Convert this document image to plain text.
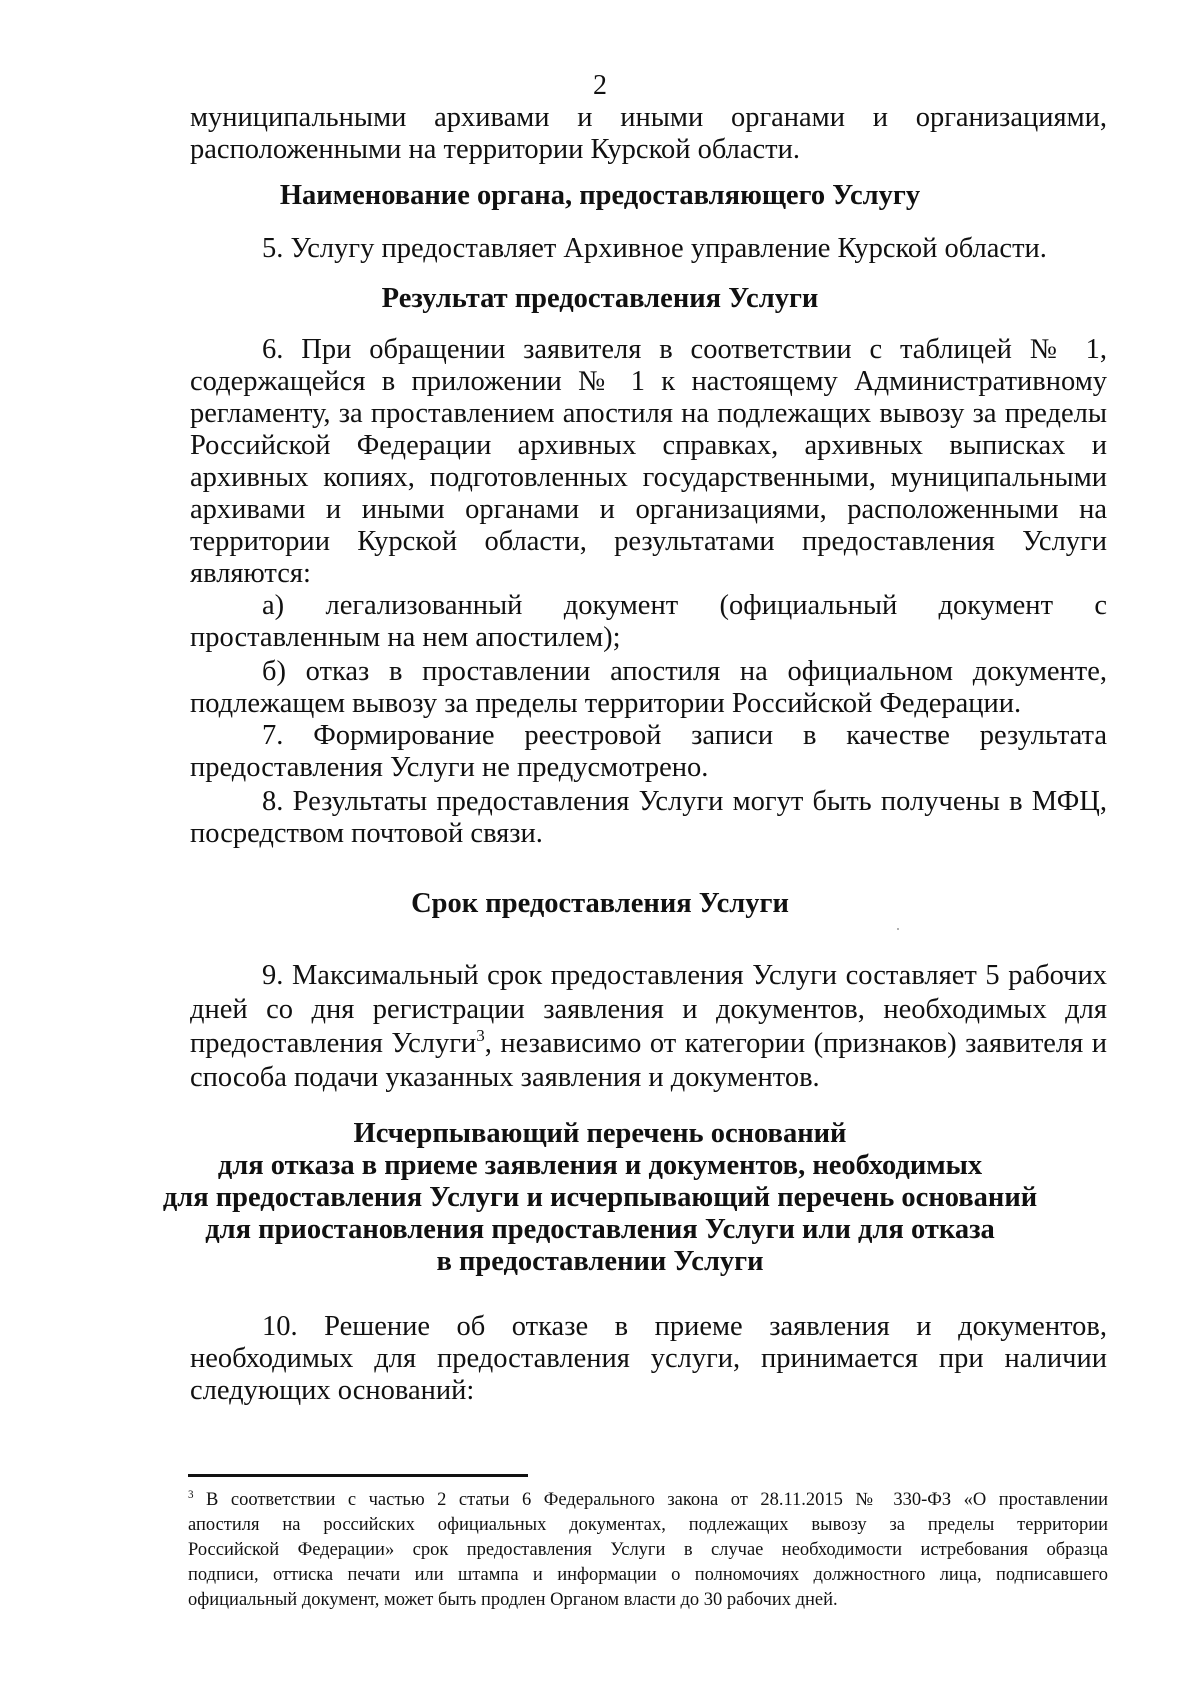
2
муниципальными архивами и иными органами и организациями,
расположенными на территории Курской области.
Наименование органа, предоставляющего Услугу
5. Услугу предоставляет Архивное управление Курской области.
Результат предоставления Услуги
6. При обращении заявителя в соответствии с таблицей № 1,
содержащейся в приложении № 1 к настоящему Административному
регламенту, за проставлением апостиля на подлежащих вывозу за пределы
Российской Федерации архивных справках, архивных выписках и
архивных копиях, подготовленных государственными, муниципальными
архивами и иными органами и организациями, расположенными на
территории Курской области, результатами предоставления Услуги
являются:
а) легализованный документ (официальный документ с
проставленным на нем апостилем);
б) отказ в проставлении апостиля на официальном документе,
подлежащем вывозу за пределы территории Российской Федерации.
7. Формирование реестровой записи в качестве результата
предоставления Услуги не предусмотрено.
8. Результаты предоставления Услуги могут быть получены в МФЦ,
посредством почтовой связи.
Срок предоставления Услуги
9. Максимальный срок предоставления Услуги составляет 5 рабочих
дней со дня регистрации заявления и документов, необходимых для
предоставления Услуги$^3$, независимо от категории (признаков) заявителя и
способа подачи указанных заявления и документов.
Исчерпывающий перечень оснований
для отказа в приеме заявления и документов, необходимых
для предоставления Услуги и исчерпывающий перечень оснований
для приостановления предоставления Услуги или для отказа
в предоставлении Услуги
10. Решение об отказе в приеме заявления и документов,
необходимых для предоставления услуги, принимается при наличии
следующих оснований:
$^3$ В соответствии с частью 2 статьи 6 Федерального закона от 28.11.2015 № 330-ФЗ «О проставлении
апостиля на российских официальных документах, подлежащих вывозу за пределы территории
Российской Федерации» срок предоставления Услуги в случае необходимости истребования образца
подписи, оттиска печати или штампа и информации о полномочиях должностного лица, подписавшего
официальный документ, может быть продлен Органом власти до 30 рабочих дней.
